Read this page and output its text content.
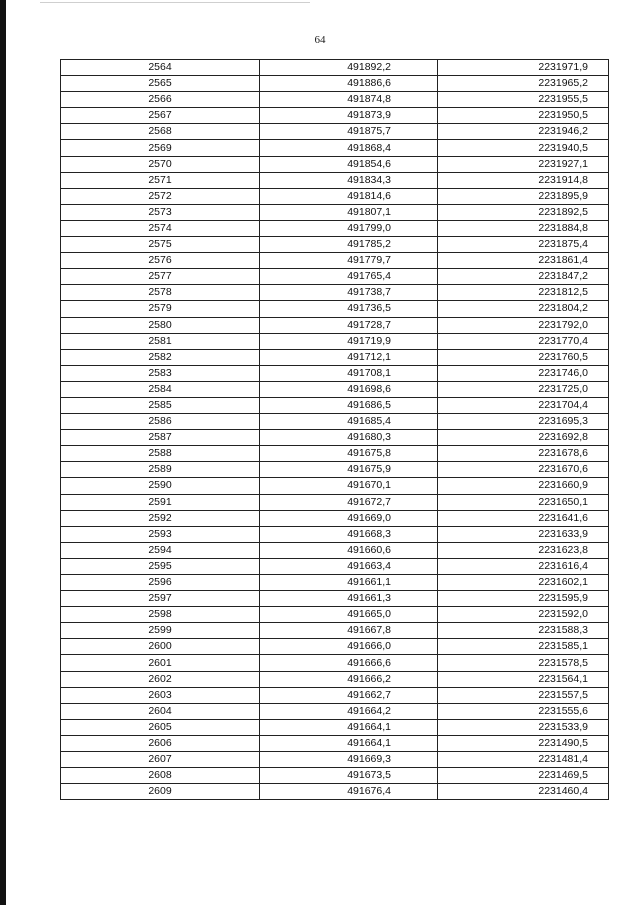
64
2564	491892,2	2231971,9
2565	491886,6	2231965,2
2566	491874,8	2231955,5
2567	491873,9	2231950,5
2568	491875,7	2231946,2
2569	491868,4	2231940,5
2570	491854,6	2231927,1
2571	491834,3	2231914,8
2572	491814,6	2231895,9
2573	491807,1	2231892,5
2574	491799,0	2231884,8
2575	491785,2	2231875,4
2576	491779,7	2231861,4
2577	491765,4	2231847,2
2578	491738,7	2231812,5
2579	491736,5	2231804,2
2580	491728,7	2231792,0
2581	491719,9	2231770,4
2582	491712,1	2231760,5
2583	491708,1	2231746,0
2584	491698,6	2231725,0
2585	491686,5	2231704,4
2586	491685,4	2231695,3
2587	491680,3	2231692,8
2588	491675,8	2231678,6
2589	491675,9	2231670,6
2590	491670,1	2231660,9
2591	491672,7	2231650,1
2592	491669,0	2231641,6
2593	491668,3	2231633,9
2594	491660,6	2231623,8
2595	491663,4	2231616,4
2596	491661,1	2231602,1
2597	491661,3	2231595,9
2598	491665,0	2231592,0
2599	491667,8	2231588,3
2600	491666,0	2231585,1
2601	491666,6	2231578,5
2602	491666,2	2231564,1
2603	491662,7	2231557,5
2604	491664,2	2231555,6
2605	491664,1	2231533,9
2606	491664,1	2231490,5
2607	491669,3	2231481,4
2608	491673,5	2231469,5
2609	491676,4	2231460,4
